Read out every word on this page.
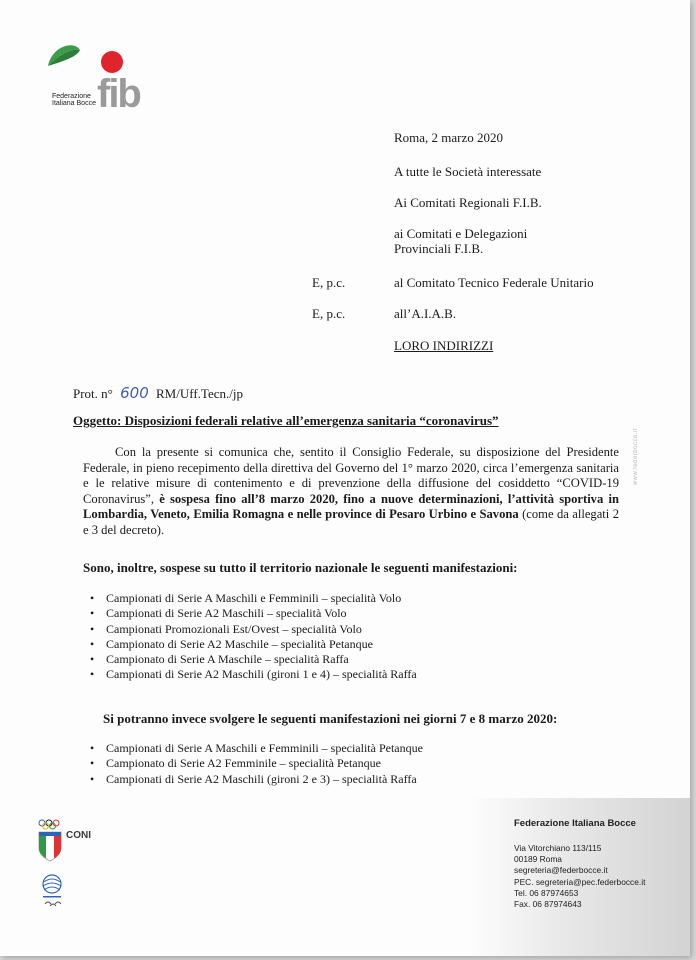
fib
Federazione
Italiana Bocce
Roma, 2 marzo 2020
A tutte le Società interessate
Ai Comitati Regionali F.I.B.
ai Comitati e Delegazioni
Provinciali F.I.B.
E, p.c.	al Comitato Tecnico Federale Unitario
E, p.c.	all’A.I.A.B.
LORO INDIRIZZI
Prot. n° 600 RM/Uff.Tecn./jp
Oggetto: Disposizioni federali relative all’emergenza sanitaria “coronavirus”
Con la presente si comunica che, sentito il Consiglio Federale, su disposizione del Presidente Federale, in pieno recepimento della direttiva del Governo del 1° marzo 2020, circa l’emergenza sanitaria e le relative misure di contenimento e di prevenzione della diffusione del cosiddetto “COVID-19 Coronavirus”, è sospesa fino all’8 marzo 2020, fino a nuove determinazioni, l’attività sportiva in Lombardia, Veneto, Emilia Romagna e nelle province di Pesaro Urbino e Savona (come da allegati 2 e 3 del decreto).
Sono, inoltre, sospese su tutto il territorio nazionale le seguenti manifestazioni:
• Campionati di Serie A Maschili e Femminili – specialità Volo
• Campionati di Serie A2 Maschili – specialità Volo
• Campionati Promozionali Est/Ovest – specialità Volo
• Campionato di Serie A2 Maschile – specialità Petanque
• Campionato di Serie A Maschile – specialità Raffa
• Campionati di Serie A2 Maschili (gironi 1 e 4) – specialità Raffa
Si potranno invece svolgere le seguenti manifestazioni nei giorni 7 e 8 marzo 2020:
• Campionati di Serie A Maschili e Femminili – specialità Petanque
• Campionato di Serie A2 Femminile – specialità Petanque
• Campionati di Serie A2 Maschili (gironi 2 e 3) – specialità Raffa
www.federbocce.it
CONI
Federazione Italiana Bocce
Via Vitorchiano 113/115
00189 Roma
segreteria@federbocce.it
PEC. segreteria@pec.federbocce.it
Tel. 06 87974653
Fax. 06 87974643
